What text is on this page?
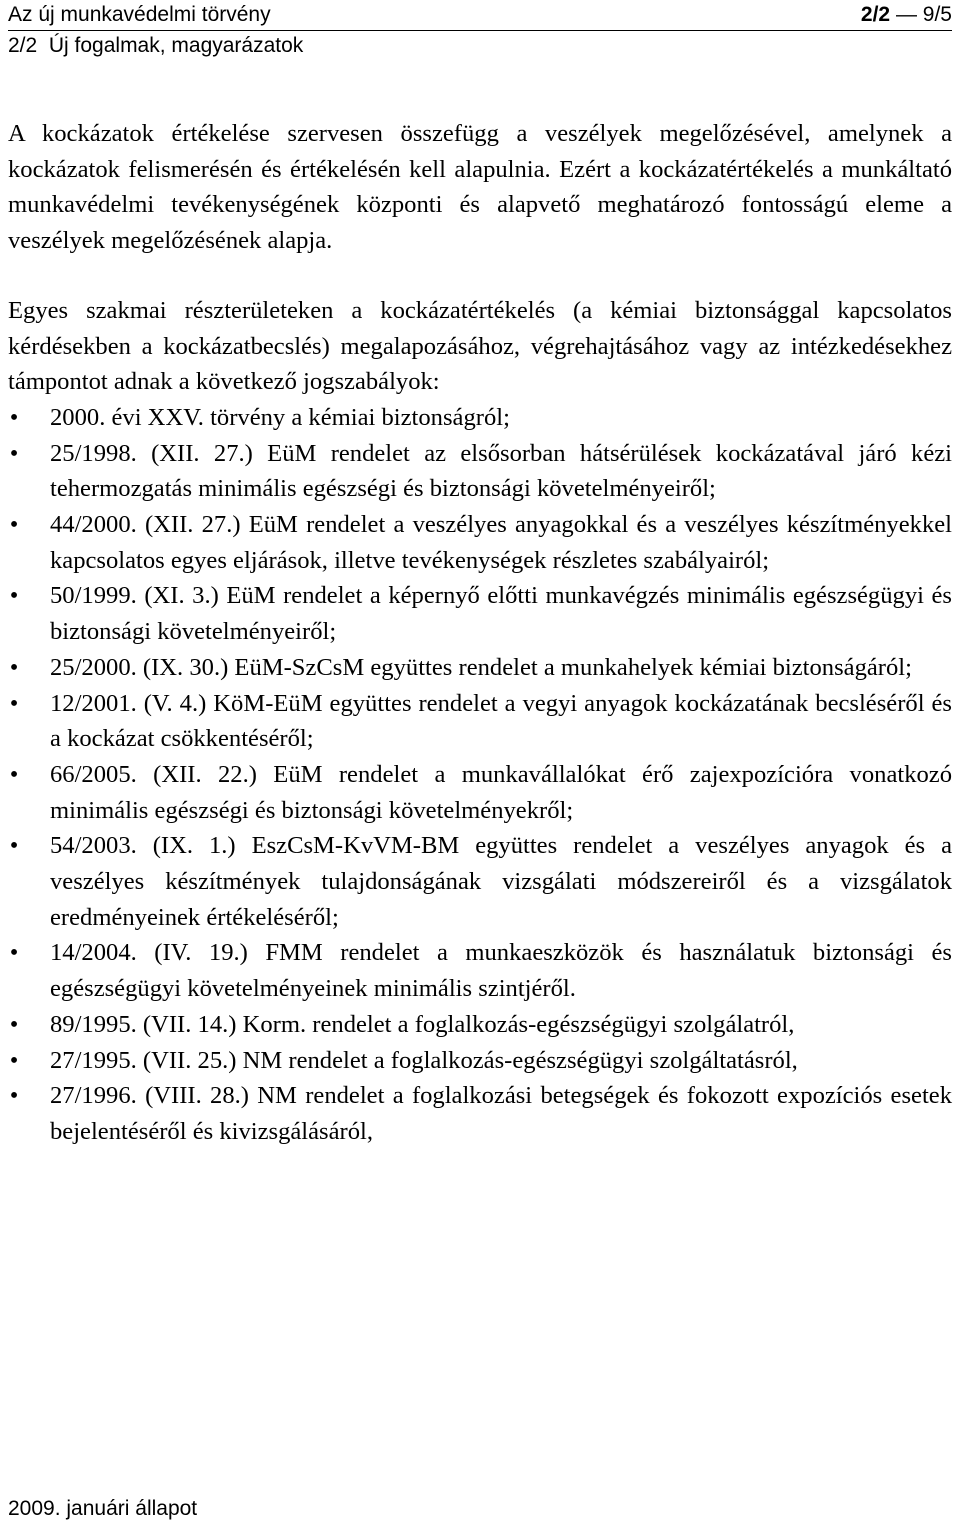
Az új munkavédelmi törvény	2/2 — 9/5
2/2  Új fogalmak, magyarázatok

A kockázatok értékelése szervesen összefügg a veszélyek megelőzésével, amelynek a kockázatok felismerésén és értékelésén kell alapulnia. Ezért a kockázatértékelés a munkáltató munkavédelmi tevékenységének központi és alapvető meghatározó fontosságú eleme a veszélyek megelőzésének alapja.

Egyes szakmai részterületeken a kockázatértékelés (a kémiai biztonsággal kapcsolatos kérdésekben a kockázatbecslés) megalapozásához, végrehajtásához vagy az intézkedésekhez támpontot adnak a következő jogszabályok:

• 2000. évi XXV. törvény a kémiai biztonságról;
• 25/1998. (XII. 27.) EüM rendelet az elsősorban hátsérülések kockázatával járó kézi tehermozgatás minimális egészségi és biztonsági követelményeiről;
• 44/2000. (XII. 27.) EüM rendelet a veszélyes anyagokkal és a veszélyes készítményekkel kapcsolatos egyes eljárások, illetve tevékenységek részletes szabályairól;
• 50/1999. (XI. 3.) EüM rendelet a képernyő előtti munkavégzés minimális egészségügyi és biztonsági követelményeiről;
• 25/2000. (IX. 30.) EüM-SzCsM együttes rendelet a munkahelyek kémiai biztonságáról;
• 12/2001. (V. 4.) KöM-EüM együttes rendelet a vegyi anyagok kockázatának becsléséről és a kockázat csökkentéséről;
• 66/2005. (XII. 22.) EüM rendelet a munkavállalókat érő zajexpozícióra vonatkozó minimális egészségi és biztonsági követelményekről;
• 54/2003. (IX. 1.) EszCsM-KvVM-BM együttes rendelet a veszélyes anyagok és a veszélyes készítmények tulajdonságának vizsgálati módszereiről és a vizsgálatok eredményeinek értékeléséről;
• 14/2004. (IV. 19.) FMM rendelet a munkaeszközök és használatuk biztonsági és egészségügyi követelményeinek minimális szintjéről.
• 89/1995. (VII. 14.) Korm. rendelet a foglalkozás-egészségügyi szolgálatról,
• 27/1995. (VII. 25.) NM rendelet a foglalkozás-egészségügyi szolgáltatásról,
• 27/1996. (VIII. 28.) NM rendelet a foglalkozási betegségek és fokozott expozíciós esetek bejelentéséről és kivizsgálásáról,
2009. januári állapot
